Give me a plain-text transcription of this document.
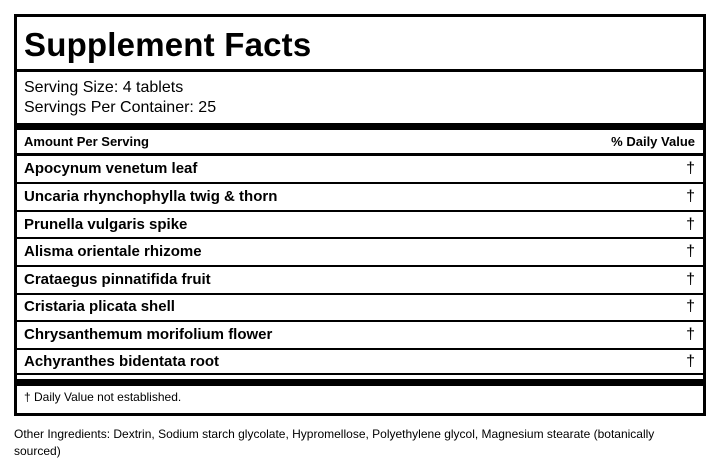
Supplement Facts
Serving Size: 4 tablets
Servings Per Container: 25
Amount Per Serving	% Daily Value
Apocynum venetum leaf	†
Uncaria rhynchophylla twig & thorn	†
Prunella vulgaris spike	†
Alisma orientale rhizome	†
Crataegus pinnatifida fruit	†
Cristaria plicata shell	†
Chrysanthemum morifolium flower	†
Achyranthes bidentata root	†
† Daily Value not established.
Other Ingredients: Dextrin, Sodium starch glycolate, Hypromellose, Polyethylene glycol, Magnesium stearate (botanically sourced)
